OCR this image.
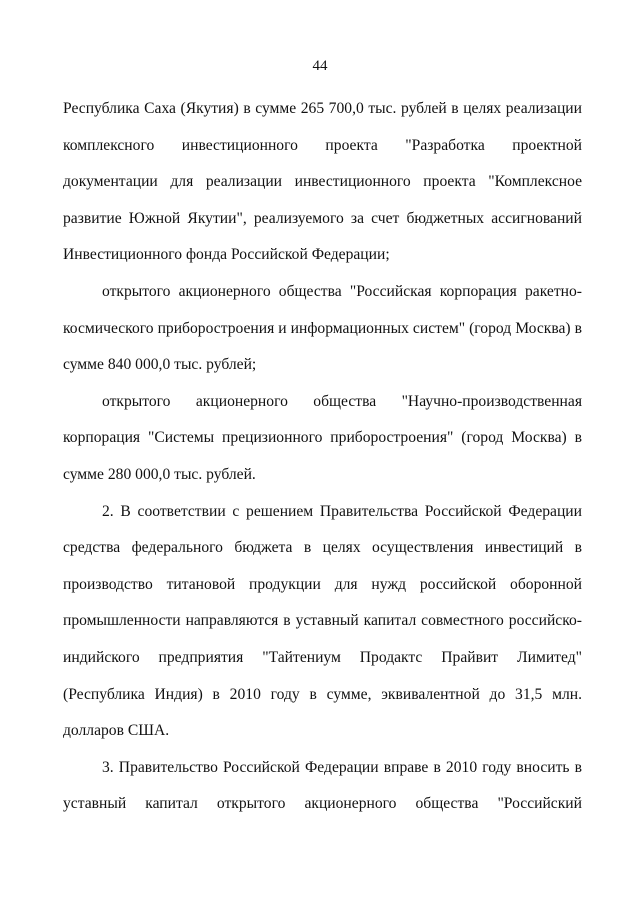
44

Республика Саха (Якутия) в сумме 265 700,0 тыс. рублей в целях реализации комплексного инвестиционного проекта "Разработка проектной документации для реализации инвестиционного проекта "Комплексное развитие Южной Якутии", реализуемого за счет бюджетных ассигнований Инвестиционного фонда Российской Федерации;

открытого акционерного общества "Российская корпорация ракетно-космического приборостроения и информационных систем" (город Москва) в сумме 840 000,0 тыс. рублей;

открытого акционерного общества "Научно-производственная корпорация "Системы прецизионного приборостроения" (город Москва) в сумме 280 000,0 тыс. рублей.

2. В соответствии с решением Правительства Российской Федерации средства федерального бюджета в целях осуществления инвестиций в производство титановой продукции для нужд российской оборонной промышленности направляются в уставный капитал совместного российско-индийского предприятия "Тайтениум Продактс Прайвит Лимитед" (Республика Индия) в 2010 году в сумме, эквивалентной до 31,5 млн. долларов США.

3. Правительство Российской Федерации вправе в 2010 году вносить в уставный капитал открытого акционерного общества "Российский
